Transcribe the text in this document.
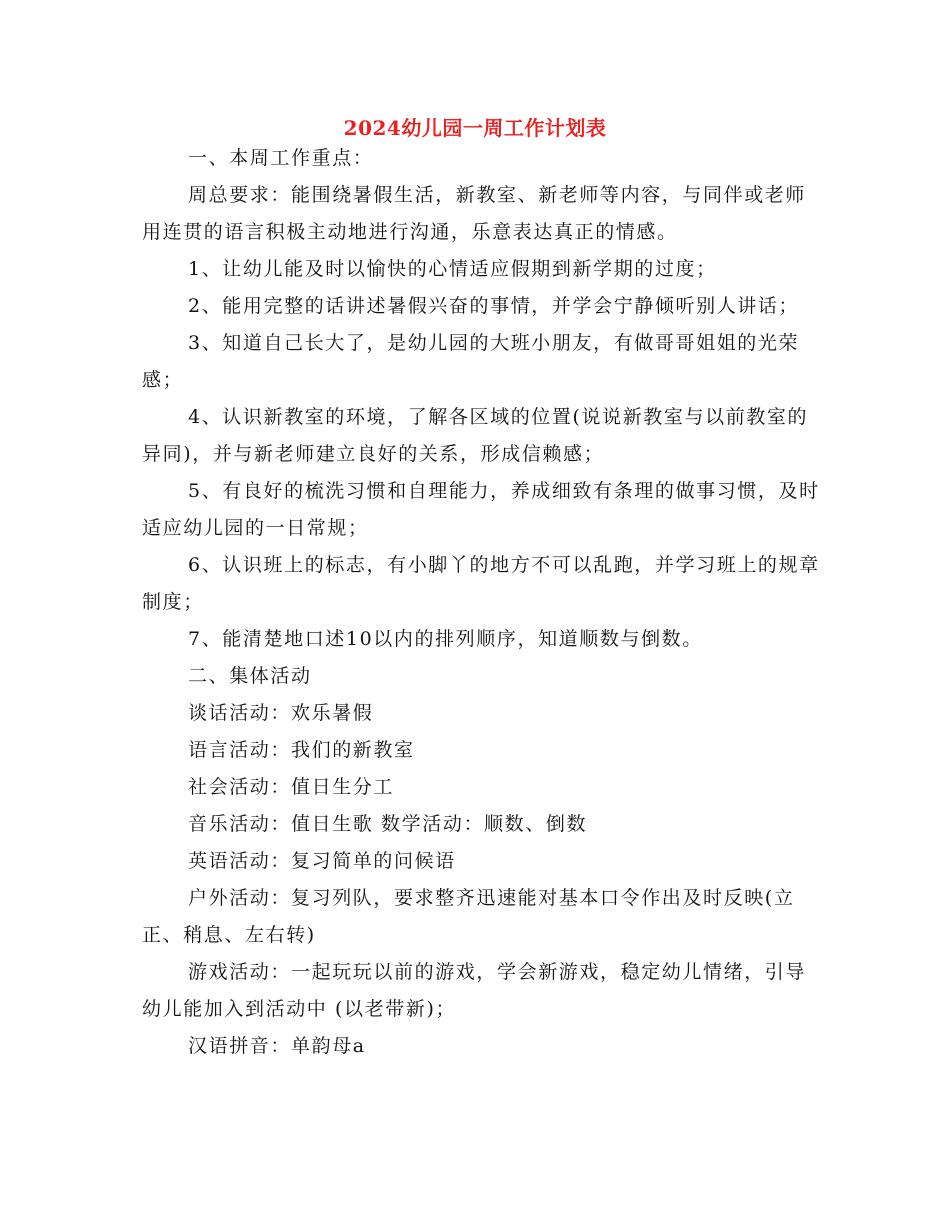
2024幼儿园一周工作计划表

一、本周工作重点：

周总要求：能围绕暑假生活，新教室、新老师等内容，与同伴或老师用连贯的语言积极主动地进行沟通，乐意表达真正的情感。

1、让幼儿能及时以愉快的心情适应假期到新学期的过度；

2、能用完整的话讲述暑假兴奋的事情，并学会宁静倾听别人讲话；

3、知道自己长大了，是幼儿园的大班小朋友，有做哥哥姐姐的光荣感；

4、认识新教室的环境，了解各区域的位置(说说新教室与以前教室的异同)，并与新老师建立良好的关系，形成信赖感；

5、有良好的梳洗习惯和自理能力，养成细致有条理的做事习惯，及时适应幼儿园的一日常规；

6、认识班上的标志，有小脚丫的地方不可以乱跑，并学习班上的规章制度；

7、能清楚地口述10以内的排列顺序，知道顺数与倒数。

二、集体活动

谈话活动：欢乐暑假

语言活动：我们的新教室

社会活动：值日生分工

音乐活动：值日生歌 数学活动：顺数、倒数

英语活动：复习简单的问候语

户外活动：复习列队，要求整齐迅速能对基本口令作出及时反映(立正、稍息、左右转)

游戏活动：一起玩玩以前的游戏，学会新游戏，稳定幼儿情绪，引导幼儿能加入到活动中 (以老带新)；

汉语拼音：单韵母a
